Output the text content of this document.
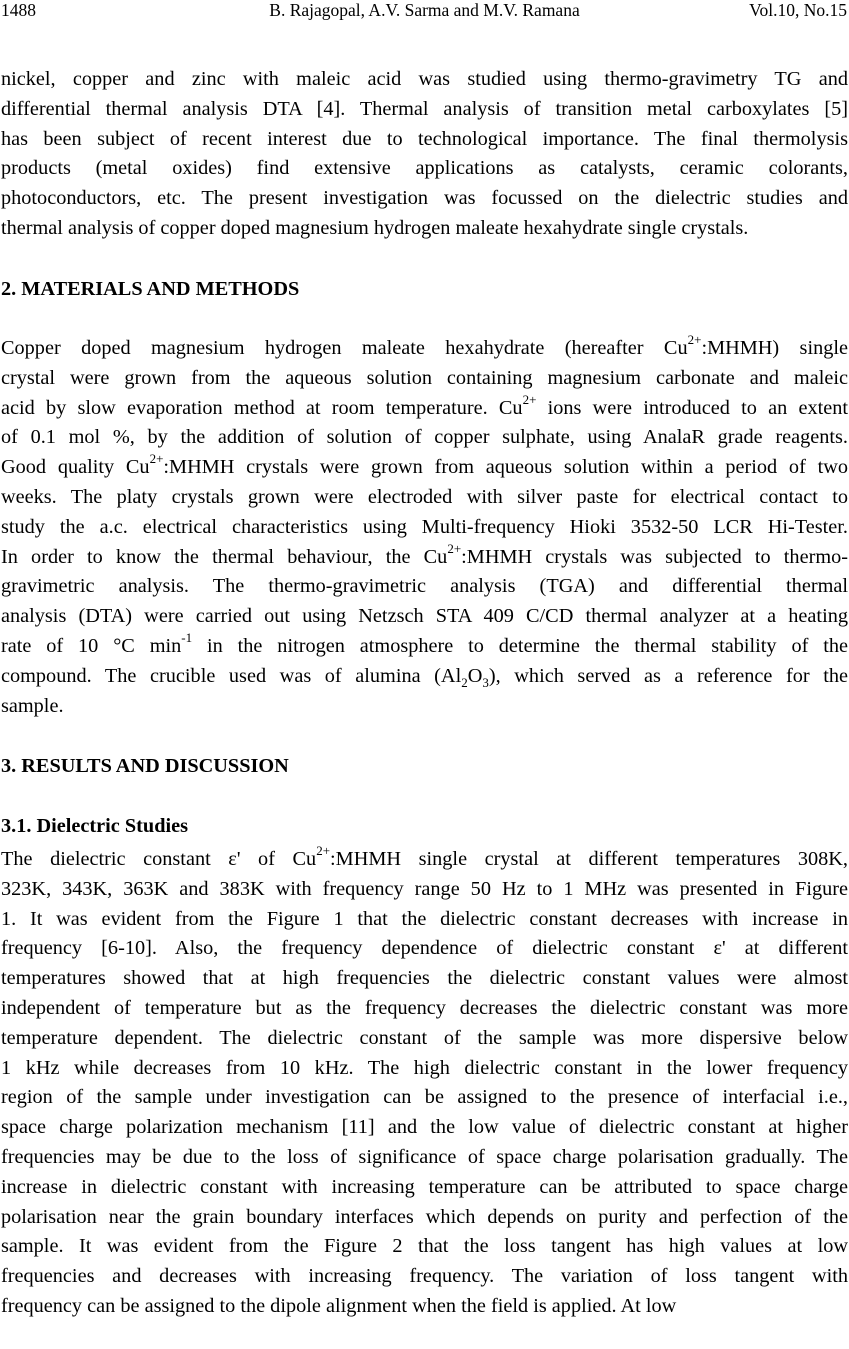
1488	B. Rajagopal, A.V. Sarma and M.V. Ramana	Vol.10, No.15
nickel, copper and zinc with maleic acid was studied using thermo-gravimetry TG and
differential thermal analysis DTA [4]. Thermal analysis of transition metal carboxylates [5]
has been subject of recent interest due to technological importance. The final thermolysis
products (metal oxides) find extensive applications as catalysts, ceramic colorants,
photoconductors, etc. The present investigation was focussed on the dielectric studies and
thermal analysis of copper doped magnesium hydrogen maleate hexahydrate single crystals.
2. MATERIALS AND METHODS
Copper doped magnesium hydrogen maleate hexahydrate (hereafter $Cu^{2+}:MHMH$) single
crystal were grown from the aqueous solution containing magnesium carbonate and maleic
acid by slow evaporation method at room temperature. $Cu^{2+}$ ions were introduced to an extent
of 0.1 mol %, by the addition of solution of copper sulphate, using AnalaR grade reagents.
Good quality $Cu^{2+}:MHMH$ crystals were grown from aqueous solution within a period of two
weeks. The platy crystals grown were electroded with silver paste for electrical contact to
study the a.c. electrical characteristics using Multi-frequency Hioki 3532-50 LCR Hi-Tester.
In order to know the thermal behaviour, the $Cu^{2+}:MHMH$ crystals was subjected to thermo-
gravimetric analysis. The thermo-gravimetric analysis (TGA) and differential thermal
analysis (DTA) were carried out using Netzsch STA 409 C/CD thermal analyzer at a heating
rate of 10 °C $\min^{-1}$ in the nitrogen atmosphere to determine the thermal stability of the
compound. The crucible used was of alumina $(Al_2O_3)$, which served as a reference for the
sample.
3. RESULTS AND DISCUSSION
3.1. Dielectric Studies
The dielectric constant ε' of $Cu^{2+}:MHMH$ single crystal at different temperatures 308K,
323K, 343K, 363K and 383K with frequency range 50 Hz to 1 MHz was presented in Figure
1. It was evident from the Figure 1 that the dielectric constant decreases with increase in
frequency [6-10]. Also, the frequency dependence of dielectric constant ε' at different
temperatures showed that at high frequencies the dielectric constant values were almost
independent of temperature but as the frequency decreases the dielectric constant was more
temperature dependent. The dielectric constant of the sample was more dispersive below
1 kHz while decreases from 10 kHz. The high dielectric constant in the lower frequency
region of the sample under investigation can be assigned to the presence of interfacial i.e.,
space charge polarization mechanism [11] and the low value of dielectric constant at higher
frequencies may be due to the loss of significance of space charge polarisation gradually. The
increase in dielectric constant with increasing temperature can be attributed to space charge
polarisation near the grain boundary interfaces which depends on purity and perfection of the
sample. It was evident from the Figure 2 that the loss tangent has high values at low
frequencies and decreases with increasing frequency. The variation of loss tangent with
frequency can be assigned to the dipole alignment when the field is applied. At low
